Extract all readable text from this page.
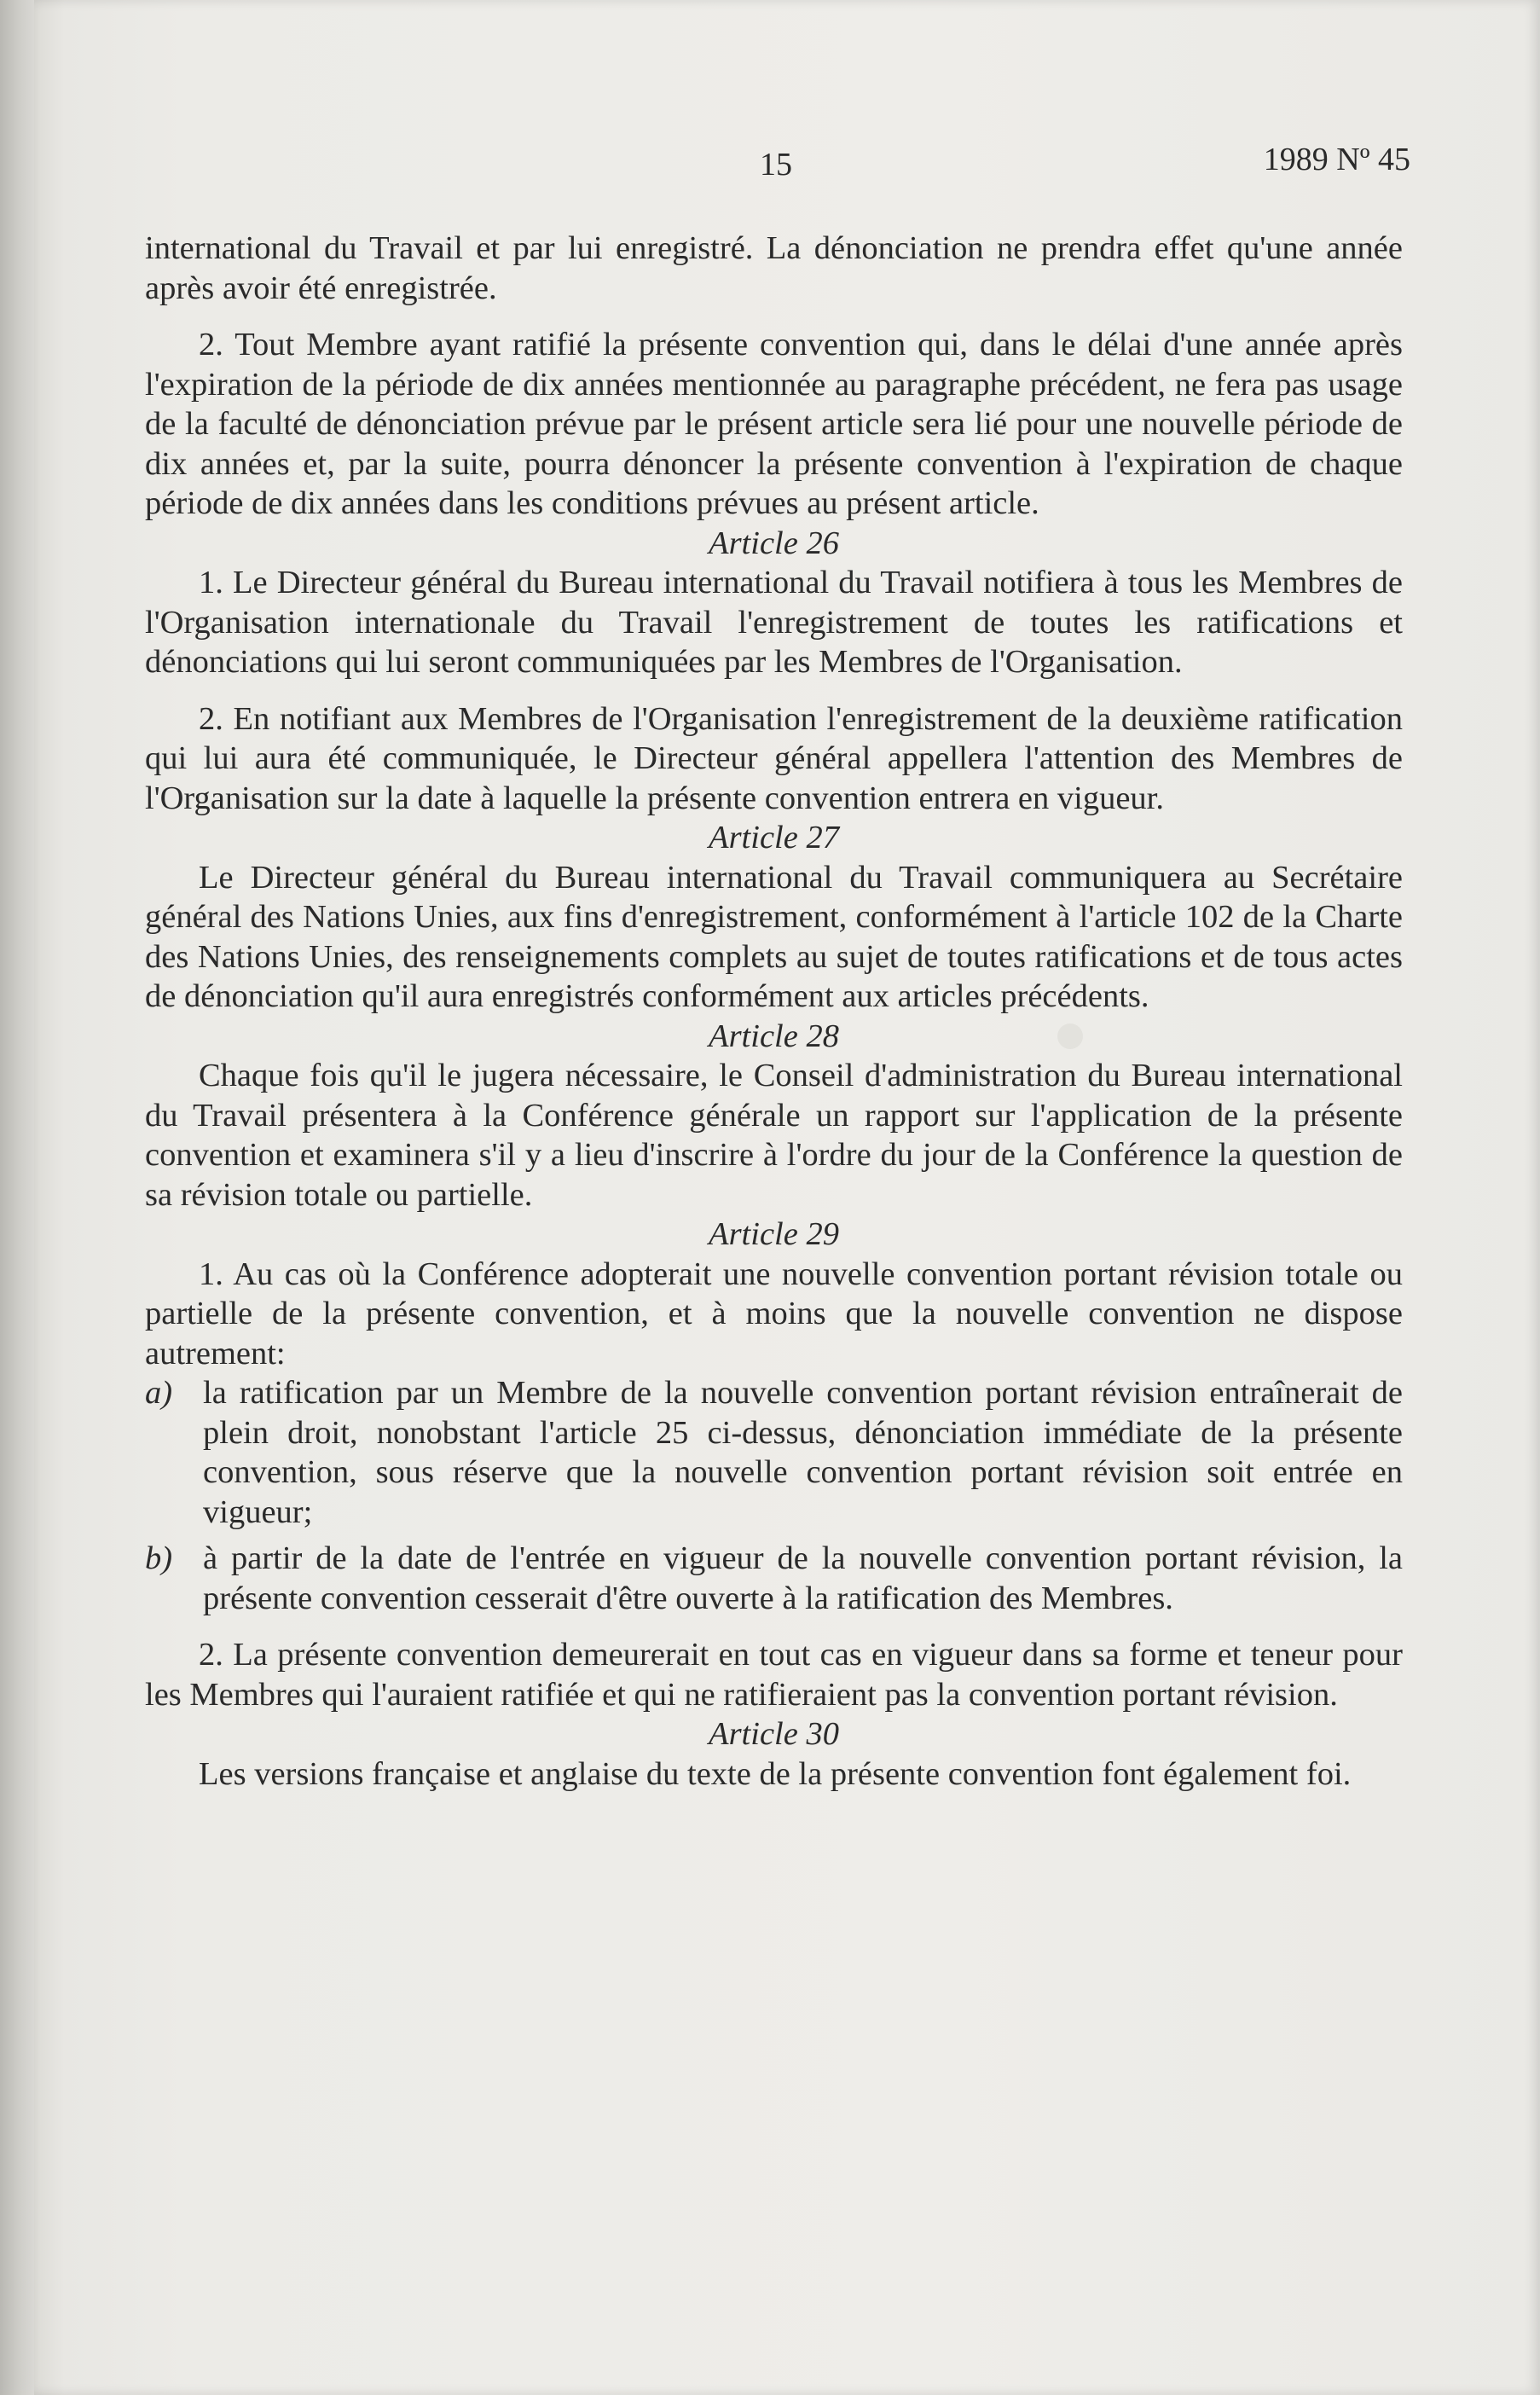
15	1989 Nº 45

international du Travail et par lui enregistré. La dénonciation ne prendra effet qu'une année après avoir été enregistrée.

2. Tout Membre ayant ratifié la présente convention qui, dans le délai d'une année après l'expiration de la période de dix années mentionnée au paragraphe précédent, ne fera pas usage de la faculté de dénonciation prévue par le présent article sera lié pour une nouvelle période de dix années et, par la suite, pourra dénoncer la présente convention à l'expiration de chaque période de dix années dans les conditions prévues au présent article.

Article 26

1. Le Directeur général du Bureau international du Travail notifiera à tous les Membres de l'Organisation internationale du Travail l'enregistrement de toutes les ratifications et dénonciations qui lui seront communiquées par les Membres de l'Organisation.

2. En notifiant aux Membres de l'Organisation l'enregistrement de la deuxième ratification qui lui aura été communiquée, le Directeur général appellera l'attention des Membres de l'Organisation sur la date à laquelle la présente convention entrera en vigueur.

Article 27

Le Directeur général du Bureau international du Travail communiquera au Secrétaire général des Nations Unies, aux fins d'enregistrement, conformément à l'article 102 de la Charte des Nations Unies, des renseignements complets au sujet de toutes ratifications et de tous actes de dénonciation qu'il aura enregistrés conformément aux articles précédents.

Article 28

Chaque fois qu'il le jugera nécessaire, le Conseil d'administration du Bureau international du Travail présentera à la Conférence générale un rapport sur l'application de la présente convention et examinera s'il y a lieu d'inscrire à l'ordre du jour de la Conférence la question de sa révision totale ou partielle.

Article 29

1. Au cas où la Conférence adopterait une nouvelle convention portant révision totale ou partielle de la présente convention, et à moins que la nouvelle convention ne dispose autrement:

a) la ratification par un Membre de la nouvelle convention portant révision entraînerait de plein droit, nonobstant l'article 25 ci-dessus, dénonciation immédiate de la présente convention, sous réserve que la nouvelle convention portant révision soit entrée en vigueur;
b) à partir de la date de l'entrée en vigueur de la nouvelle convention portant révision, la présente convention cesserait d'être ouverte à la ratification des Membres.

2. La présente convention demeurerait en tout cas en vigueur dans sa forme et teneur pour les Membres qui l'auraient ratifiée et qui ne ratifieraient pas la convention portant révision.

Article 30

Les versions française et anglaise du texte de la présente convention font également foi.
